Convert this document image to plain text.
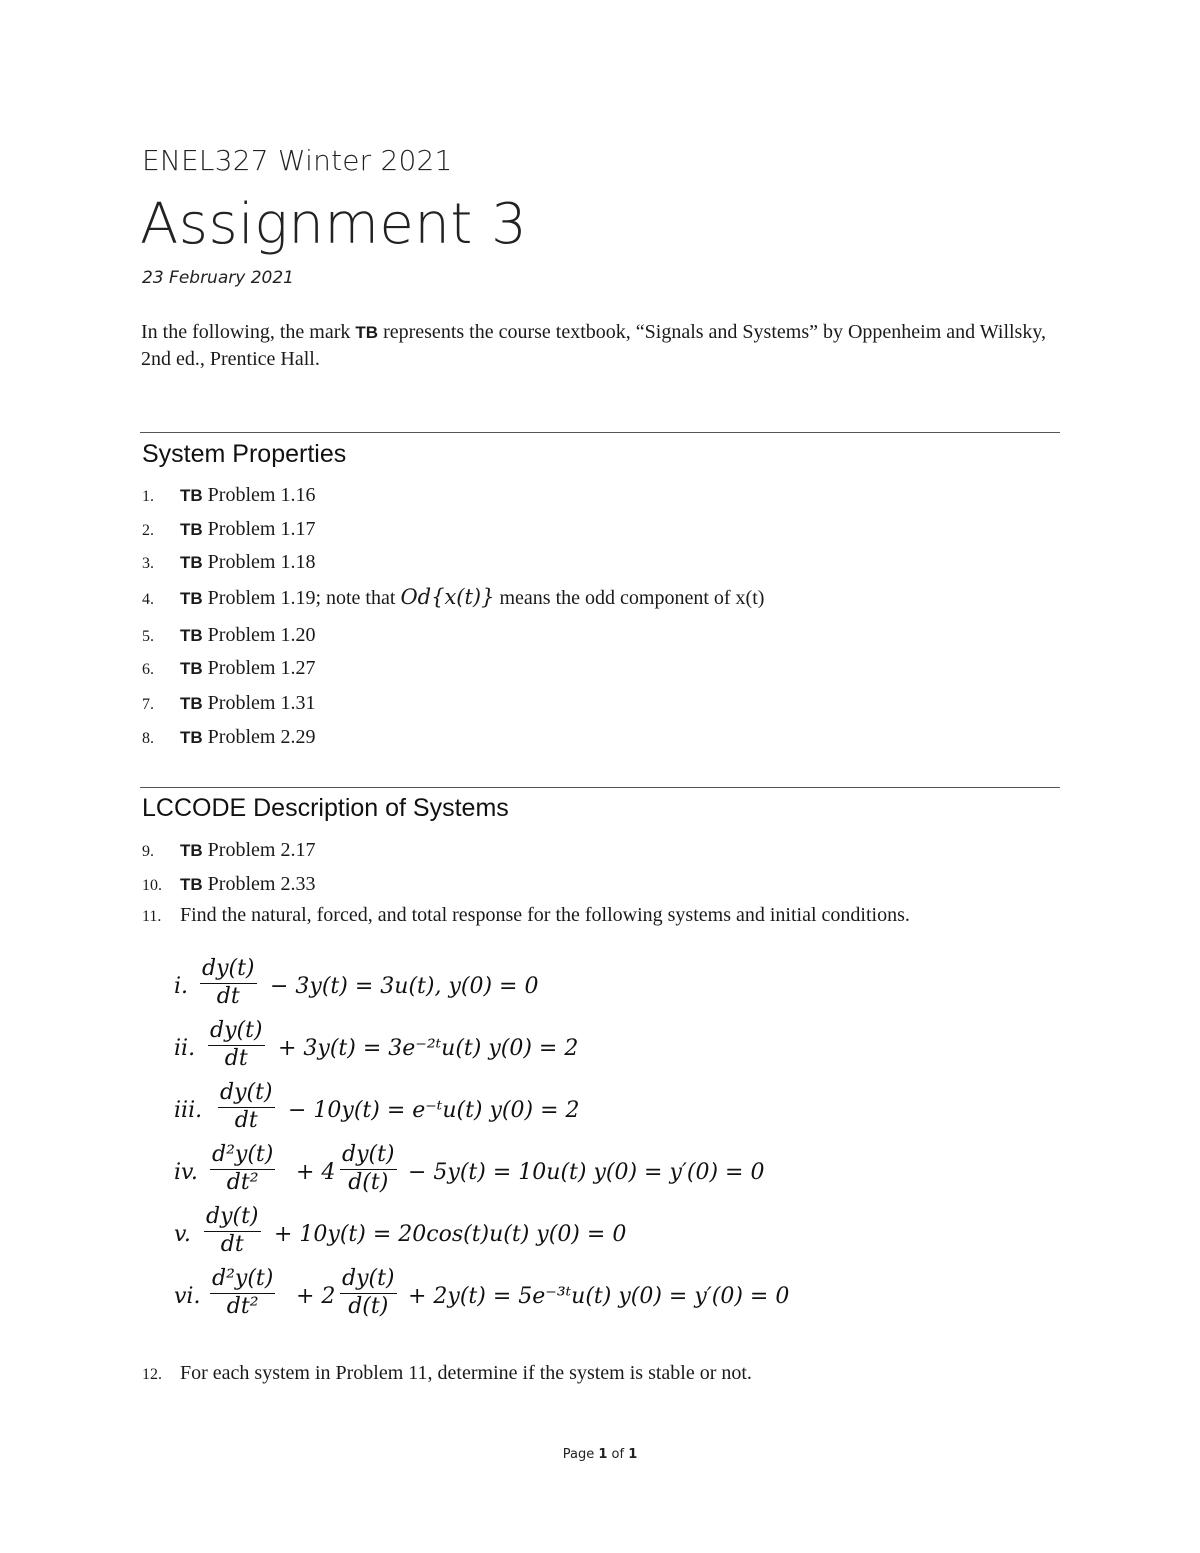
ENEL327 Winter 2021
Assignment 3
23 February 2021
In the following, the mark TB represents the course textbook, “Signals and Systems” by Oppenheim and Willsky, 2nd ed., Prentice Hall.
System Properties
1. TB Problem 1.16
2. TB Problem 1.17
3. TB Problem 1.18
4. TB Problem 1.19; note that Od{x(t)} means the odd component of x(t)
5. TB Problem 1.20
6. TB Problem 1.27
7. TB Problem 1.31
8. TB Problem 2.29
LCCODE Description of Systems
9. TB Problem 2.17
10. TB Problem 2.33
11. Find the natural, forced, and total response for the following systems and initial conditions.
12. For each system in Problem 11, determine if the system is stable or not.
i.
dy(t)
dt	− 3y(t) = 3u(t), y(0) = 0
ii.
dy(t)
dt	+ 3y(t) = 3e⁻²ᵗu(t) y(0) = 2
iii.
dy(t)
dt	− 10y(t) = e⁻ᵗu(t) y(0) = 2
iv.
d²y(t)
dt²	+ 4
dy(t)
d(t) − 5y(t) = 10u(t) y(0) = y′(0) = 0
v.
dy(t)
dt	+ 10y(t) = 20cos(t)u(t) y(0) = 0
vi.
d²y(t)
dt²	+ 2
dy(t)
d(t) + 2y(t) = 5e⁻³ᵗu(t) y(0) = y′(0) = 0
Page 1 of 1
